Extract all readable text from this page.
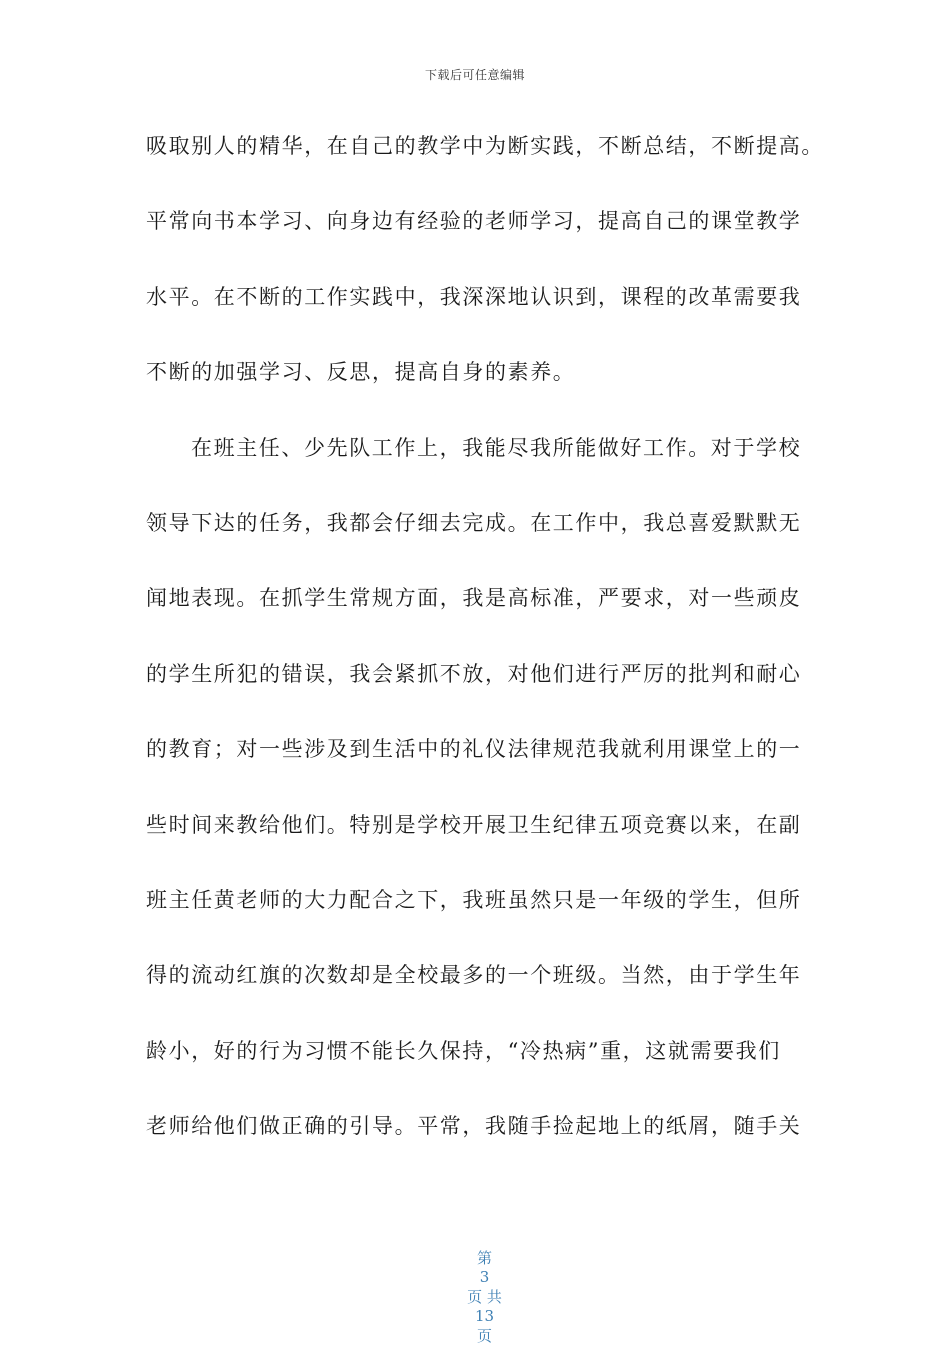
下载后可任意编辑
吸取别人的精华，在自己的教学中为断实践，不断总结，不断提高。
平常向书本学习、向身边有经验的老师学习，提高自己的课堂教学
水平。在不断的工作实践中，我深深地认识到，课程的改革需要我
不断的加强学习、反思，提高自身的素养。
在班主任、少先队工作上，我能尽我所能做好工作。对于学校
领导下达的任务，我都会仔细去完成。在工作中，我总喜爱默默无
闻地表现。在抓学生常规方面，我是高标准，严要求，对一些顽皮
的学生所犯的错误，我会紧抓不放，对他们进行严厉的批判和耐心
的教育；对一些涉及到生活中的礼仪法律规范我就利用课堂上的一
些时间来教给他们。特别是学校开展卫生纪律五项竞赛以来，在副
班主任黄老师的大力配合之下，我班虽然只是一年级的学生，但所
得的流动红旗的次数却是全校最多的一个班级。当然，由于学生年
龄小，好的行为习惯不能长久保持，“冷热病”重，这就需要我们
老师给他们做正确的引导。平常，我随手捡起地上的纸屑，随手关

第
3
页 共
13
页
